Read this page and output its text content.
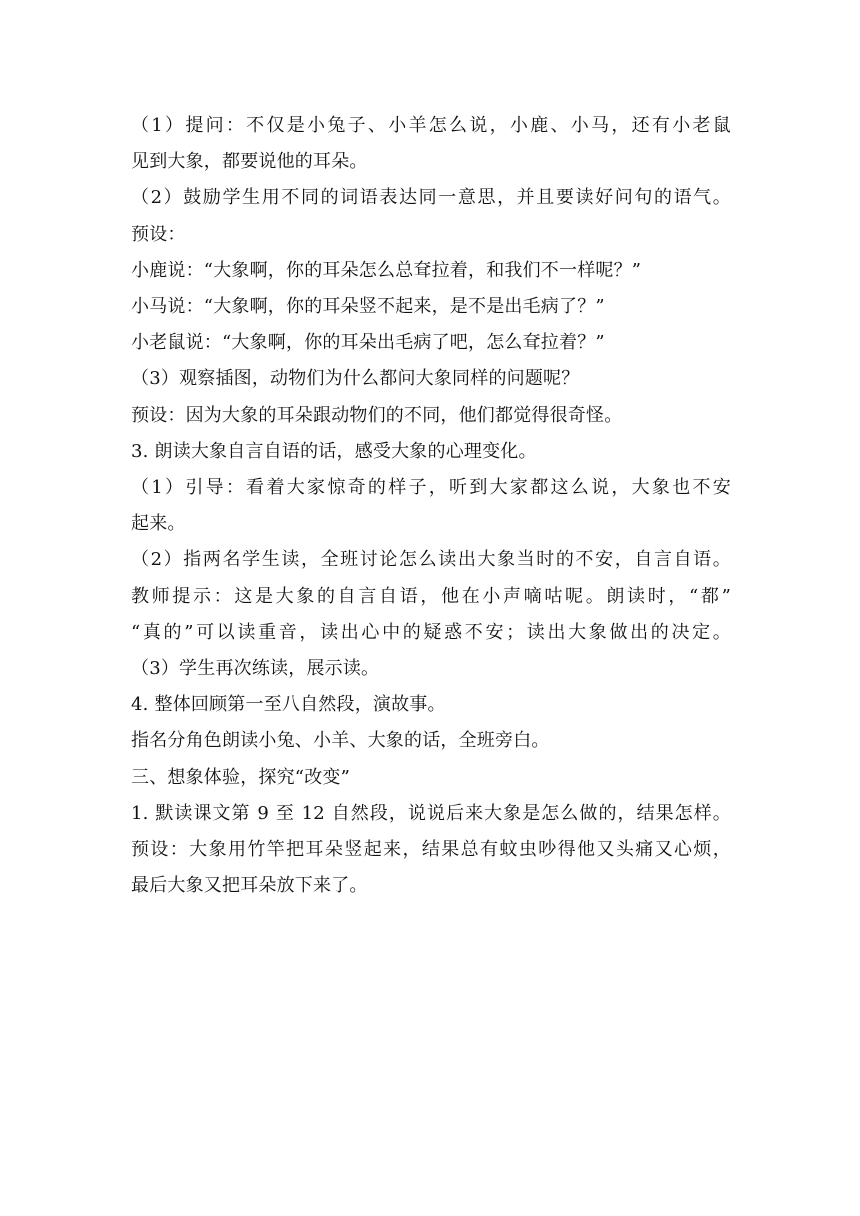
（1）提问：不仅是小兔子、小羊怎么说，小鹿、小马，还有小老鼠
见到大象，都要说他的耳朵。
（2）鼓励学生用不同的词语表达同一意思，并且要读好问句的语气。
预设：
小鹿说：“大象啊，你的耳朵怎么总耷拉着，和我们不一样呢？”
小马说：“大象啊，你的耳朵竖不起来，是不是出毛病了？”
小老鼠说：“大象啊，你的耳朵出毛病了吧，怎么耷拉着？”
（3）观察插图，动物们为什么都问大象同样的问题呢？
预设：因为大象的耳朵跟动物们的不同，他们都觉得很奇怪。
3. 朗读大象自言自语的话，感受大象的心理变化。
（1）引导：看着大家惊奇的样子，听到大家都这么说，大象也不安
起来。
（2）指两名学生读，全班讨论怎么读出大象当时的不安，自言自语。
教师提示：这是大象的自言自语，他在小声嘀咕呢。朗读时，“都”
“真的”可以读重音，读出心中的疑惑不安；读出大象做出的决定。
（3）学生再次练读，展示读。
4. 整体回顾第一至八自然段，演故事。
指名分角色朗读小兔、小羊、大象的话，全班旁白。
三、想象体验，探究“改变”
1. 默读课文第 9 至 12 自然段，说说后来大象是怎么做的，结果怎样。
预设：大象用竹竿把耳朵竖起来，结果总有蚊虫吵得他又头痛又心烦，
最后大象又把耳朵放下来了。
